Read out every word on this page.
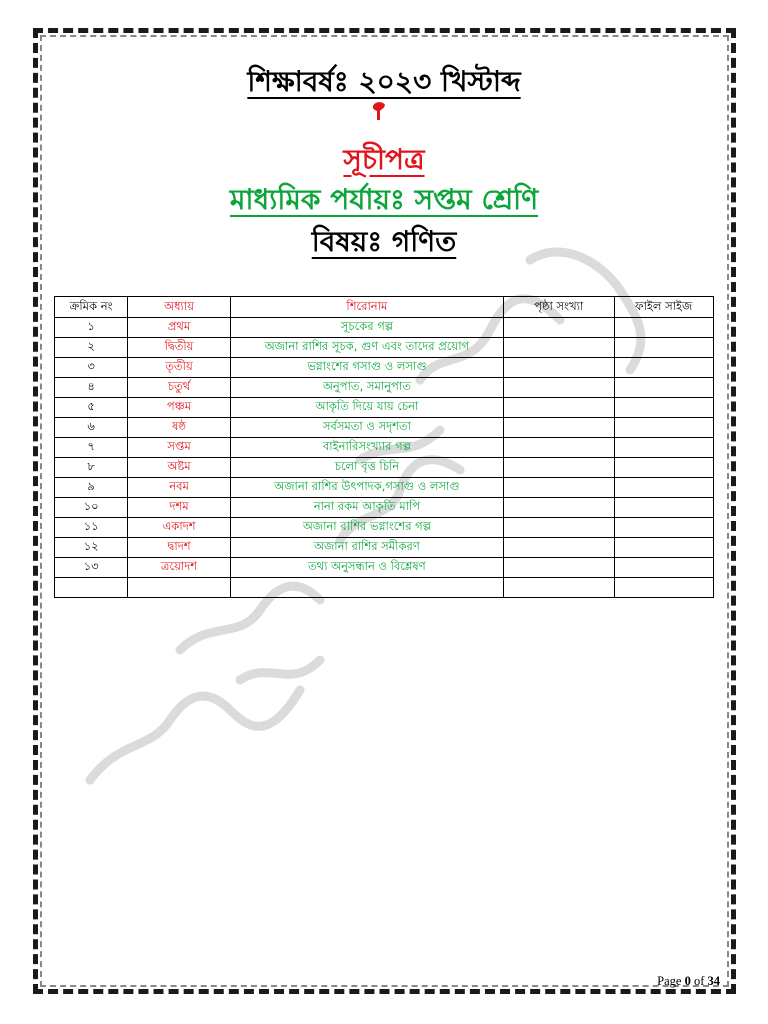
শিক্ষাবর্ষঃ ২০২৩ খিস্টাব্দ
সূচীপত্র
মাধ্যমিক পর্যায়ঃ সপ্তম শ্রেণি
বিষয়ঃ গণিত
ক্রমিক নং	অধ্যায়	শিরোনাম	পৃষ্ঠা সংখ্যা	ফাইল সাইজ
১	প্রথম	সূচকের গল্প		
২	দ্বিতীয়	অজানা রাশির সূচক, গুণ এবং তাদের প্রয়োগ		
৩	তৃতীয়	ভগ্নাংশের গসাগু ও লসাগু		
৪	চতুর্থ	অনুপাত, সমানুপাত		
৫	পঞ্চম	আকৃতি দিয়ে যায় চেনা		
৬	ষষ্ঠ	সর্বসমতা ও সদৃশতা		
৭	সপ্তম	বাইনারিসংখ্যার গল্প		
৮	অষ্টম	চলো বৃত্ত চিনি		
৯	নবম	অজানা রাশির উৎপাদক,গসাগু ও লসাগু		
১০	দশম	নানা রকম আকৃতি মাপি		
১১	একাদশ	অজানা রাশির ভগ্নাংশের গল্প		
১২	দ্বাদশ	অজানা রাশির সমীকরণ		
১৩	ত্রয়োদশ	তথ্য অনুসন্ধান ও বিশ্লেষণ		

Page 0 of 34
